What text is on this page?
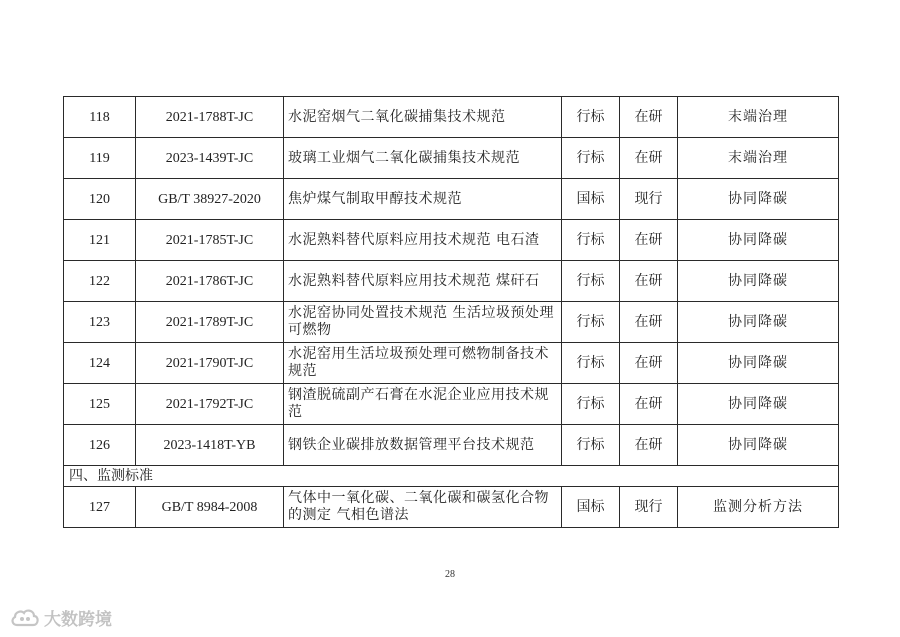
118	2021-1788T-JC	水泥窑烟气二氧化碳捕集技术规范	行标	在研	末端治理
119	2023-1439T-JC	玻璃工业烟气二氧化碳捕集技术规范	行标	在研	末端治理
120	GB/T 38927-2020	焦炉煤气制取甲醇技术规范	国标	现行	协同降碳
121	2021-1785T-JC	水泥熟料替代原料应用技术规范 电石渣	行标	在研	协同降碳
122	2021-1786T-JC	水泥熟料替代原料应用技术规范 煤矸石	行标	在研	协同降碳
123	2021-1789T-JC	水泥窑协同处置技术规范 生活垃圾预处理可燃物	行标	在研	协同降碳
124	2021-1790T-JC	水泥窑用生活垃圾预处理可燃物制备技术规范	行标	在研	协同降碳
125	2021-1792T-JC	钢渣脱硫副产石膏在水泥企业应用技术规范	行标	在研	协同降碳
126	2023-1418T-YB	钢铁企业碳排放数据管理平台技术规范	行标	在研	协同降碳
四、监测标准					
127	GB/T 8984-2008	气体中一氧化碳、二氧化碳和碳氢化合物的测定 气相色谱法	国标	现行	监测分析方法
28
大数跨境
